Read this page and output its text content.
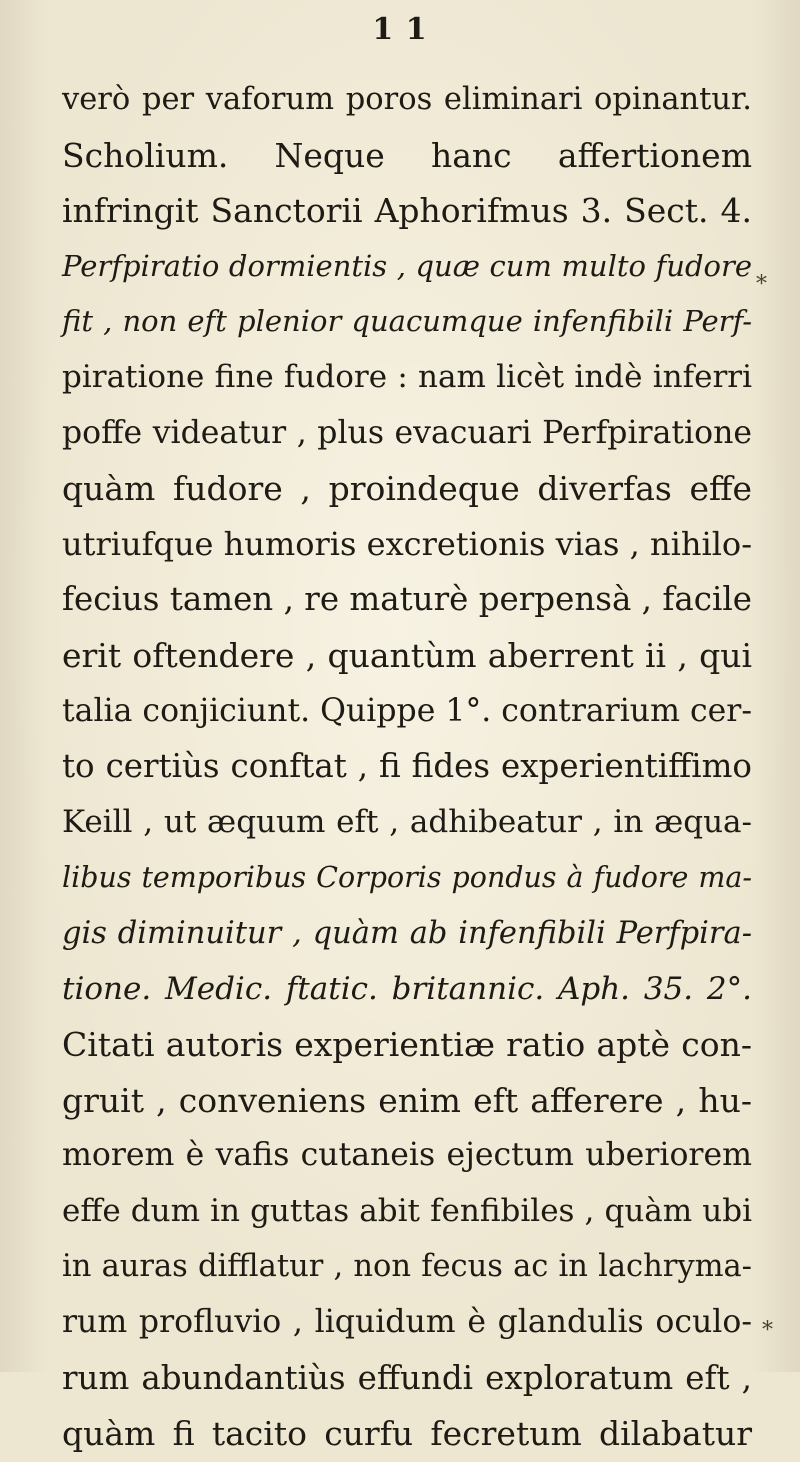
1 1
verò per vaforum poros eliminari opinantur.
Scholium. Neque hanc affertionem
infringit Sanctorii Aphorifmus 3. Sect. 4.
Perfpiratio dormientis , quæ cum multo fudore
fit , non eft plenior quacumque infenfibili Perf-
piratione fine fudore : nam licèt indè inferri
poffe videatur , plus evacuari Perfpiratione
quàm fudore , proindeque diverfas effe
utriufque humoris excretionis vias , nihilo-
fecius tamen , re maturè perpensà , facile
erit oftendere , quantùm aberrent ii , qui
talia conjiciunt. Quippe 1°. contrarium cer-
to certiùs conftat , fi fides experientiffimo
Keill , ut æquum eft , adhibeatur , in æqua-
libus temporibus Corporis pondus à fudore ma-
gis diminuitur , quàm ab infenfibili Perfpira-
tione. Medic. ftatic. britannic. Aph. 35. 2°.
Citati autoris experientiæ ratio aptè con-
gruit , conveniens enim eft afferere , hu-
morem è vafis cutaneis ejectum uberiorem
effe dum in guttas abit fenfibiles , quàm ubi
in auras difflatur , non fecus ac in lachryma-
rum profluvio , liquidum è glandulis oculo-
rum abundantiùs effundi exploratum eft ,
quàm fi tacito curfu fecretum dilabatur
*
*
